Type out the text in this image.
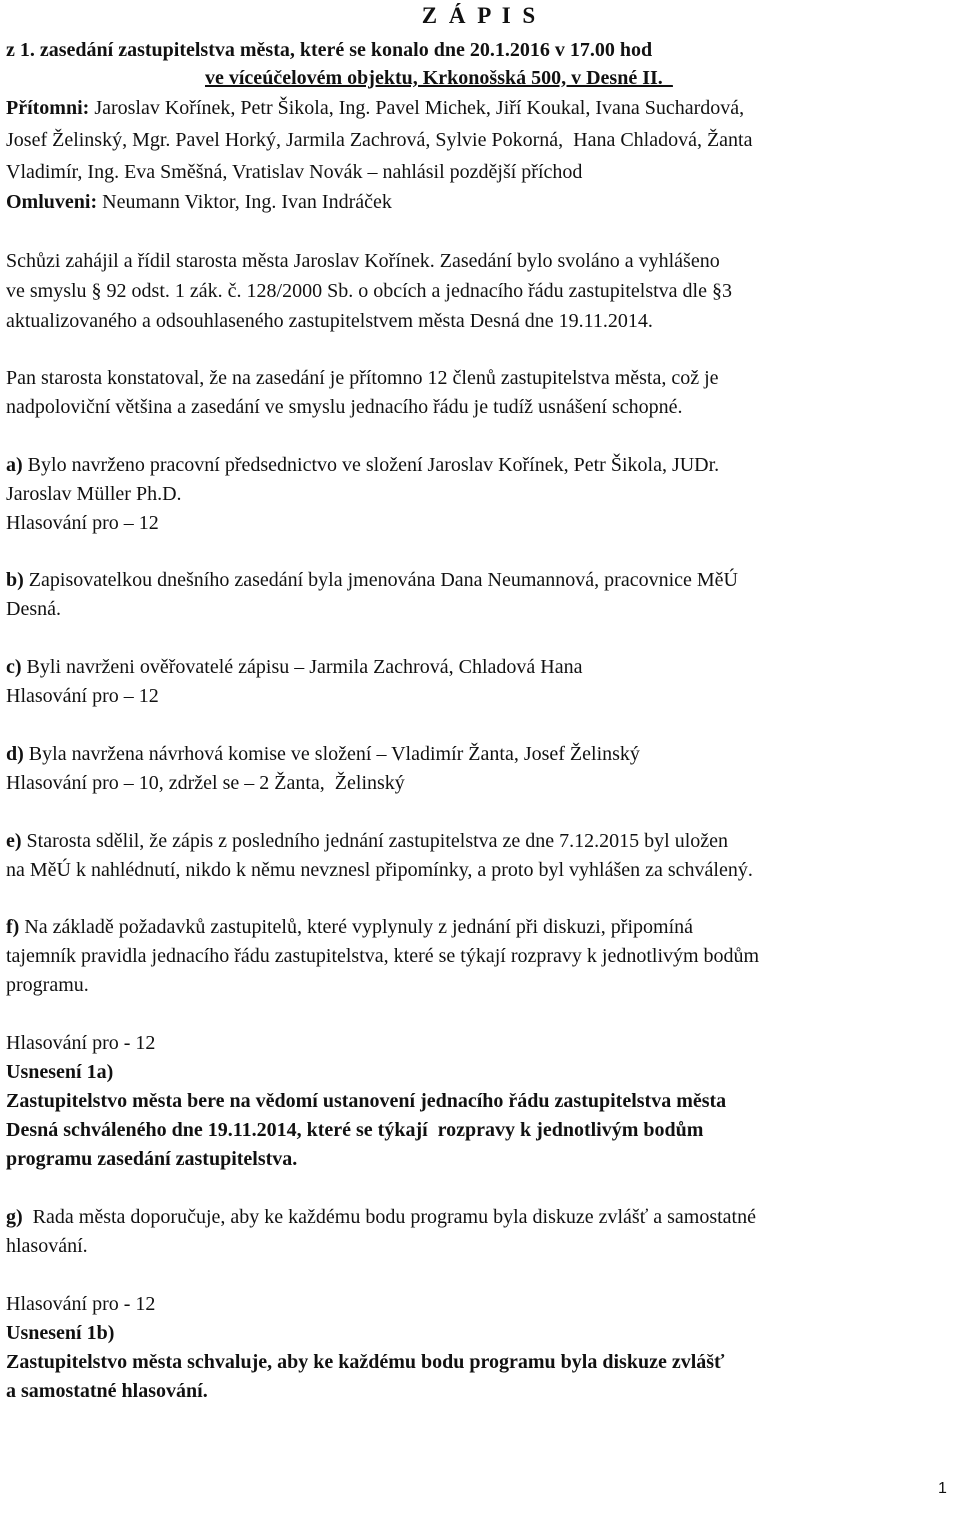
Z Á P I S
z 1. zasedání zastupitelstva města, které se konalo dne 20.1.2016 v 17.00 hod
ve víceúčelovém objektu, Krkonošská 500, v Desné II._
Přítomni: Jaroslav Kořínek, Petr Šikola, Ing. Pavel Michek, Jiří Koukal, Ivana Suchardová,
Josef Želinský, Mgr. Pavel Horký, Jarmila Zachrová, Sylvie Pokorná,  Hana Chladová, Žanta
Vladimír, Ing. Eva Směšná, Vratislav Novák – nahlásil pozdější příchod
Omluveni: Neumann Viktor, Ing. Ivan Indráček
Schůzi zahájil a řídil starosta města Jaroslav Kořínek. Zasedání bylo svoláno a vyhlášeno
ve smyslu § 92 odst. 1 zák. č. 128/2000 Sb. o obcích a jednacího řádu zastupitelstva dle §3
aktualizovaného a odsouhlaseného zastupitelstvem města Desná dne 19.11.2014.
Pan starosta konstatoval, že na zasedání je přítomno 12 členů zastupitelstva města, což je
nadpoloviční většina a zasedání ve smyslu jednacího řádu je tudíž usnášení schopné.
a) Bylo navrženo pracovní předsednictvo ve složení Jaroslav Kořínek, Petr Šikola, JUDr.
Jaroslav Müller Ph.D.
Hlasování pro – 12
b) Zapisovatelkou dnešního zasedání byla jmenována Dana Neumannová, pracovnice MěÚ
Desná.
c) Byli navrženi ověřovatelé zápisu – Jarmila Zachrová, Chladová Hana
Hlasování pro – 12
d) Byla navržena návrhová komise ve složení – Vladimír Žanta, Josef Želinský
Hlasování pro – 10, zdržel se – 2 Žanta,  Želinský
e) Starosta sdělil, že zápis z posledního jednání zastupitelstva ze dne 7.12.2015 byl uložen
na MěÚ k nahlédnutí, nikdo k němu nevznesl připomínky, a proto byl vyhlášen za schválený.
f) Na základě požadavků zastupitelů, které vyplynuly z jednání při diskuzi, připomíná
tajemník pravidla jednacího řádu zastupitelstva, které se týkají rozpravy k jednotlivým bodům
programu.
Hlasování pro - 12
Usnesení 1a)
Zastupitelstvo města bere na vědomí ustanovení jednacího řádu zastupitelstva města
Desná schváleného dne 19.11.2014, které se týkají  rozpravy k jednotlivým bodům
programu zasedání zastupitelstva.
g)  Rada města doporučuje, aby ke každému bodu programu byla diskuze zvlášť a samostatné
hlasování.
Hlasování pro - 12
Usnesení 1b)
Zastupitelstvo města schvaluje, aby ke každému bodu programu byla diskuze zvlášť
a samostatné hlasování.
1
